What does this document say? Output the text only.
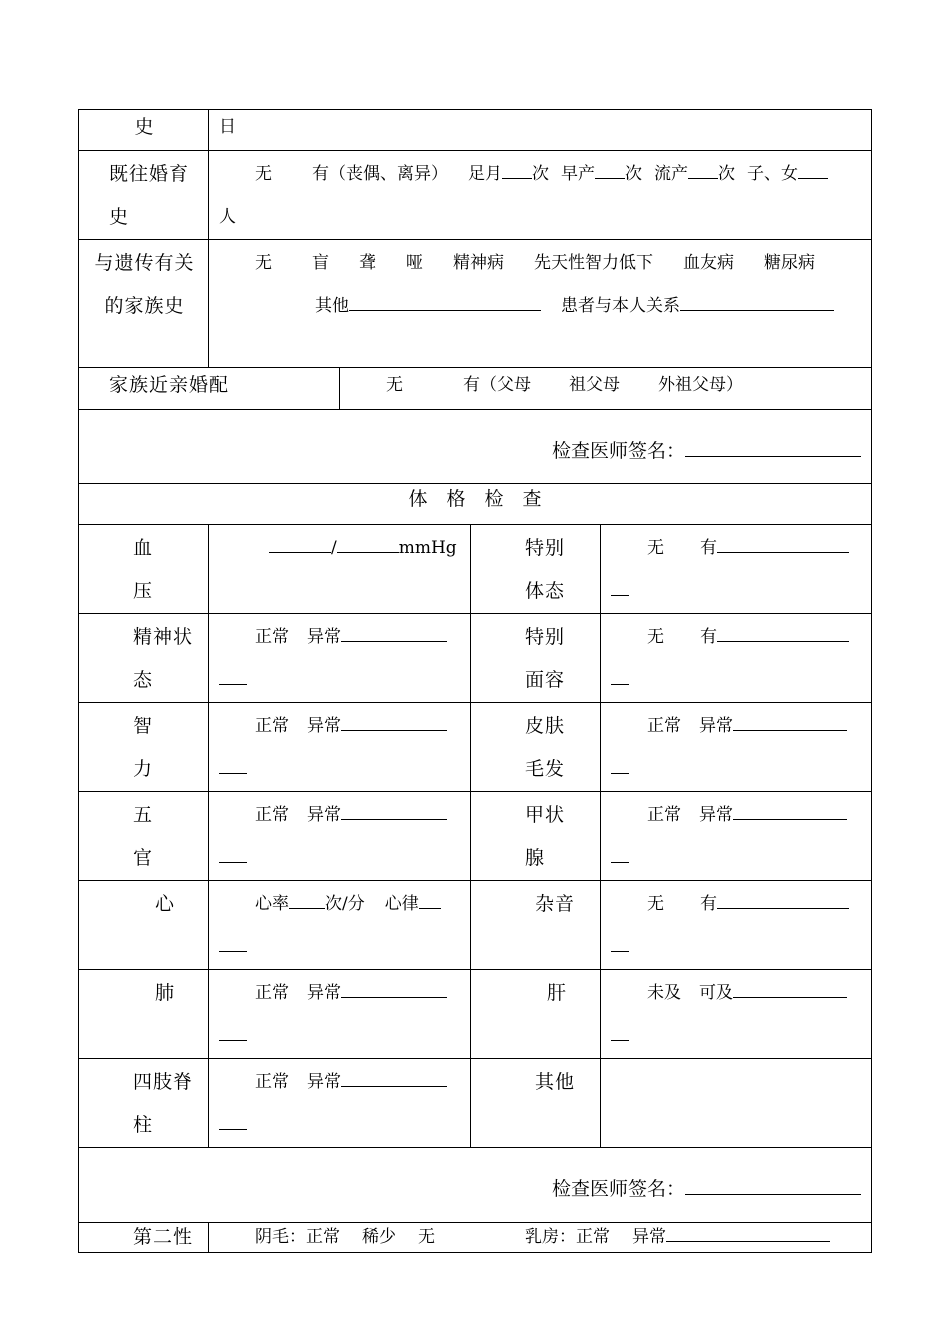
史	日			
既往婚育史	无 有（丧偶、离异） 足月 次 早产 次 流产 次 子、女
人			
与遗传有关的家族史	无 盲 聋 哑 精神病 先天性智力低下 血友病 糖尿病
其他 患者与本人关系			
家族近亲婚配		无 有（父母 祖父母 外祖父母）		
检查医师签名：				
体　格　检　查				
血压	/ mmHg		特别体态	无 有

精神状态	正常 异常		特别面容	无 有

智力	正常 异常		皮肤毛发	正常 异常

五官	正常 异常		甲状腺	正常 异常

心	心率 次/分 心律		杂音	无 有

肺	正常 异常		肝	未及 可及

四肢脊柱	正常 异常		其他	
检查医师签名：				
第二性	阴毛：正常 稀少 无 乳房：正常 异常			
